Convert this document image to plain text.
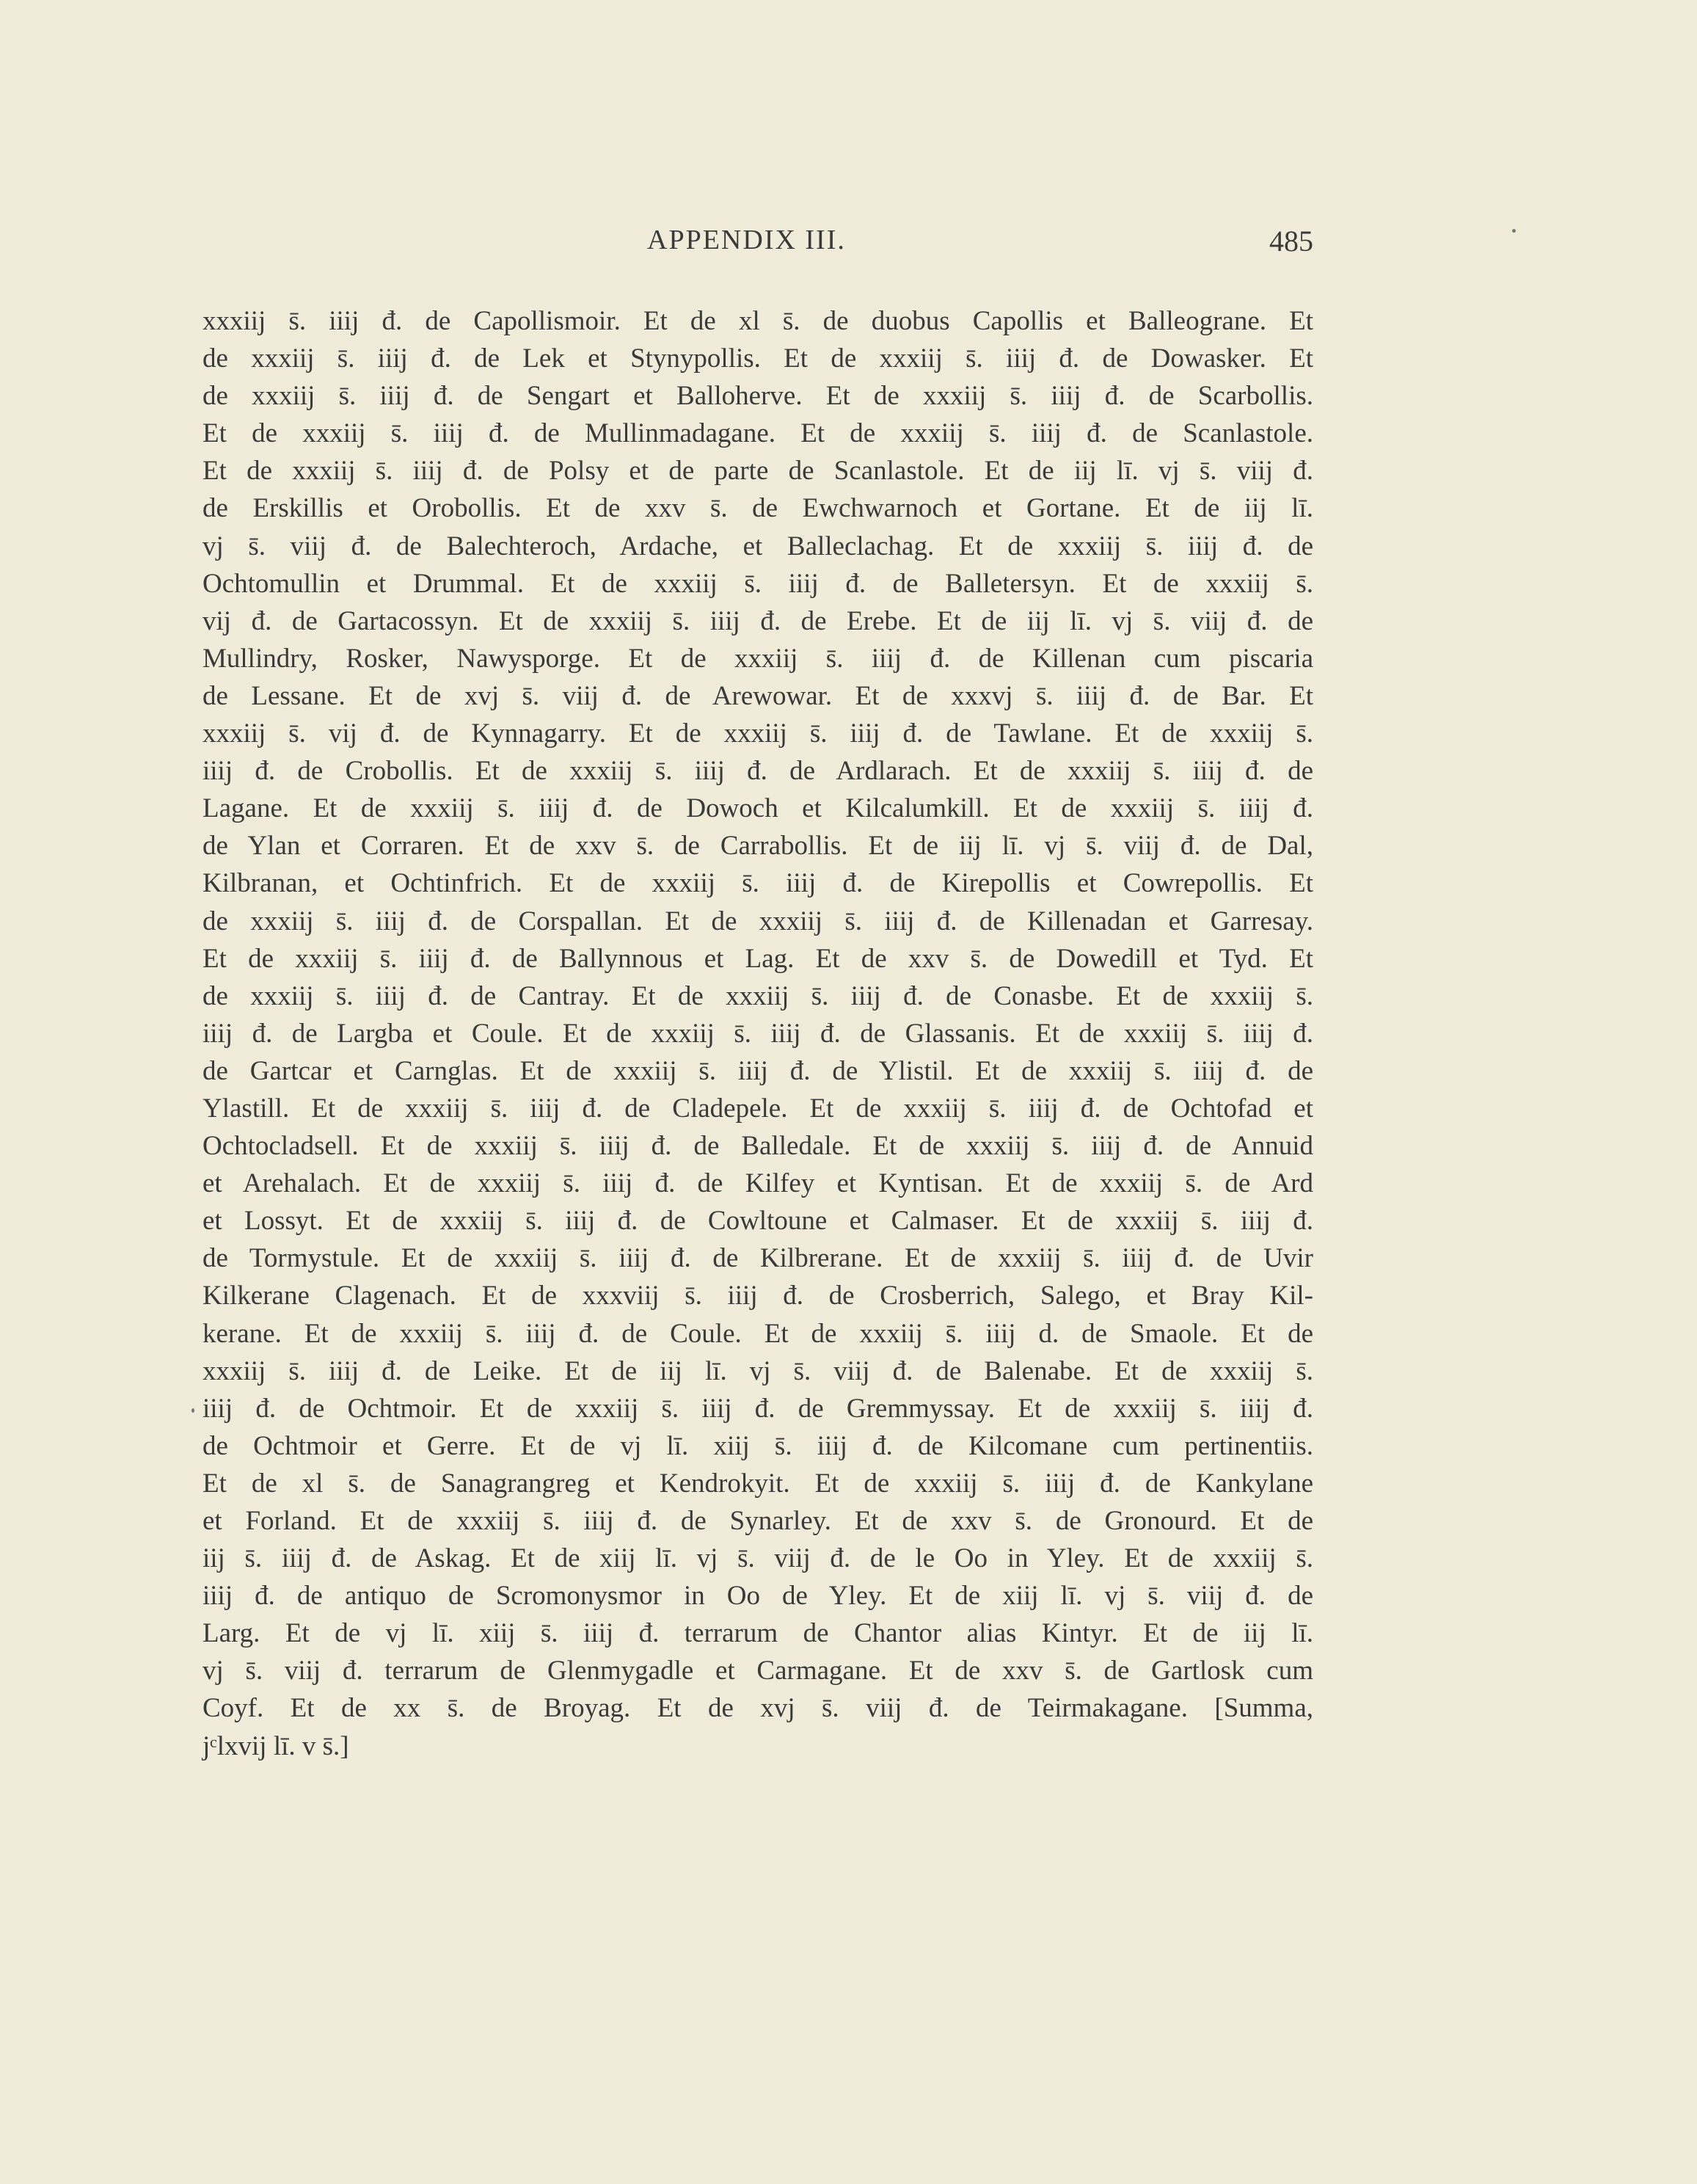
APPENDIX III.	485
xxxiij s̄. iiij đ. de Capollismoir. Et de xl s̄. de duobus Capollis et Balleograne. Et
de xxxiij s̄. iiij đ. de Lek et Stynypollis. Et de xxxiij s̄. iiij đ. de Dowasker. Et
de xxxiij s̄. iiij đ. de Sengart et Balloherve. Et de xxxiij s̄. iiij đ. de Scarbollis.
Et de xxxiij s̄. iiij đ. de Mullinmadagane. Et de xxxiij s̄. iiij đ. de Scanlastole.
Et de xxxiij s̄. iiij đ. de Polsy et de parte de Scanlastole. Et de iij lī. vj s̄. viij đ.
de Erskillis et Orobollis. Et de xxv s̄. de Ewchwarnoch et Gortane. Et de iij lī.
vj s̄. viij đ. de Balechteroch, Ardache, et Balleclachag. Et de xxxiij s̄. iiij đ. de
Ochtomullin et Drummal. Et de xxxiij s̄. iiij đ. de Balletersyn. Et de xxxiij s̄.
vij đ. de Gartacossyn. Et de xxxiij s̄. iiij đ. de Erebe. Et de iij lī. vj s̄. viij đ. de
Mullindry, Rosker, Nawysporge. Et de xxxiij s̄. iiij đ. de Killenan cum piscaria
de Lessane. Et de xvj s̄. viij đ. de Arewowar. Et de xxxvj s̄. iiij đ. de Bar. Et
xxxiij s̄. vij đ. de Kynnagarry. Et de xxxiij s̄. iiij đ. de Tawlane. Et de xxxiij s̄.
iiij đ. de Crobollis. Et de xxxiij s̄. iiij đ. de Ardlarach. Et de xxxiij s̄. iiij đ. de
Lagane. Et de xxxiij s̄. iiij đ. de Dowoch et Kilcalumkill. Et de xxxiij s̄. iiij đ.
de Ylan et Corraren. Et de xxv s̄. de Carrabollis. Et de iij lī. vj s̄. viij đ. de Dal,
Kilbranan, et Ochtinfrich. Et de xxxiij s̄. iiij đ. de Kirepollis et Cowrepollis. Et
de xxxiij s̄. iiij đ. de Corspallan. Et de xxxiij s̄. iiij đ. de Killenadan et Garresay.
Et de xxxiij s̄. iiij đ. de Ballynnous et Lag. Et de xxv s̄. de Dowedill et Tyd. Et
de xxxiij s̄. iiij đ. de Cantray. Et de xxxiij s̄. iiij đ. de Conasbe. Et de xxxiij s̄.
iiij đ. de Largba et Coule. Et de xxxiij s̄. iiij đ. de Glassanis. Et de xxxiij s̄. iiij đ.
de Gartcar et Carnglas. Et de xxxiij s̄. iiij đ. de Ylistil. Et de xxxiij s̄. iiij đ. de
Ylastill. Et de xxxiij s̄. iiij đ. de Cladepele. Et de xxxiij s̄. iiij đ. de Ochtofad et
Ochtocladsell. Et de xxxiij s̄. iiij đ. de Balledale. Et de xxxiij s̄. iiij đ. de Annuid
et Arehalach. Et de xxxiij s̄. iiij đ. de Kilfey et Kyntisan. Et de xxxiij s̄. de Ard
et Lossyt. Et de xxxiij s̄. iiij đ. de Cowltoune et Calmaser. Et de xxxiij s̄. iiij đ.
de Tormystule. Et de xxxiij s̄. iiij đ. de Kilbrerane. Et de xxxiij s̄. iiij đ. de Uvir
Kilkerane Clagenach. Et de xxxviij s̄. iiij đ. de Crosberrich, Salego, et Bray Kil-
kerane. Et de xxxiij s̄. iiij đ. de Coule. Et de xxxiij s̄. iiij d. de Smaole. Et de
xxxiij s̄. iiij đ. de Leike. Et de iij lī. vj s̄. viij đ. de Balenabe. Et de xxxiij s̄.
iiij đ. de Ochtmoir. Et de xxxiij s̄. iiij đ. de Gremmyssay. Et de xxxiij s̄. iiij đ.
de Ochtmoir et Gerre. Et de vj lī. xiij s̄. iiij đ. de Kilcomane cum pertinentiis.
Et de xl s̄. de Sanagrangreg et Kendrokyit. Et de xxxiij s̄. iiij đ. de Kankylane
et Forland. Et de xxxiij s̄. iiij đ. de Synarley. Et de xxv s̄. de Gronourd. Et de
iij s̄. iiij đ. de Askag. Et de xiij lī. vj s̄. viij đ. de le Oo in Yley. Et de xxxiij s̄.
iiij đ. de antiquo de Scromonysmor in Oo de Yley. Et de xiij lī. vj s̄. viij đ. de
Larg. Et de vj lī. xiij s̄. iiij đ. terrarum de Chantor alias Kintyr. Et de iij lī.
vj s̄. viij đ. terrarum de Glenmygadle et Carmagane. Et de xxv s̄. de Gartlosk cum
Coyf. Et de xx s̄. de Broyag. Et de xvj s̄. viij đ. de Teirmakagane. [Summa,
jᶜlxvij lī. v s̄.]
